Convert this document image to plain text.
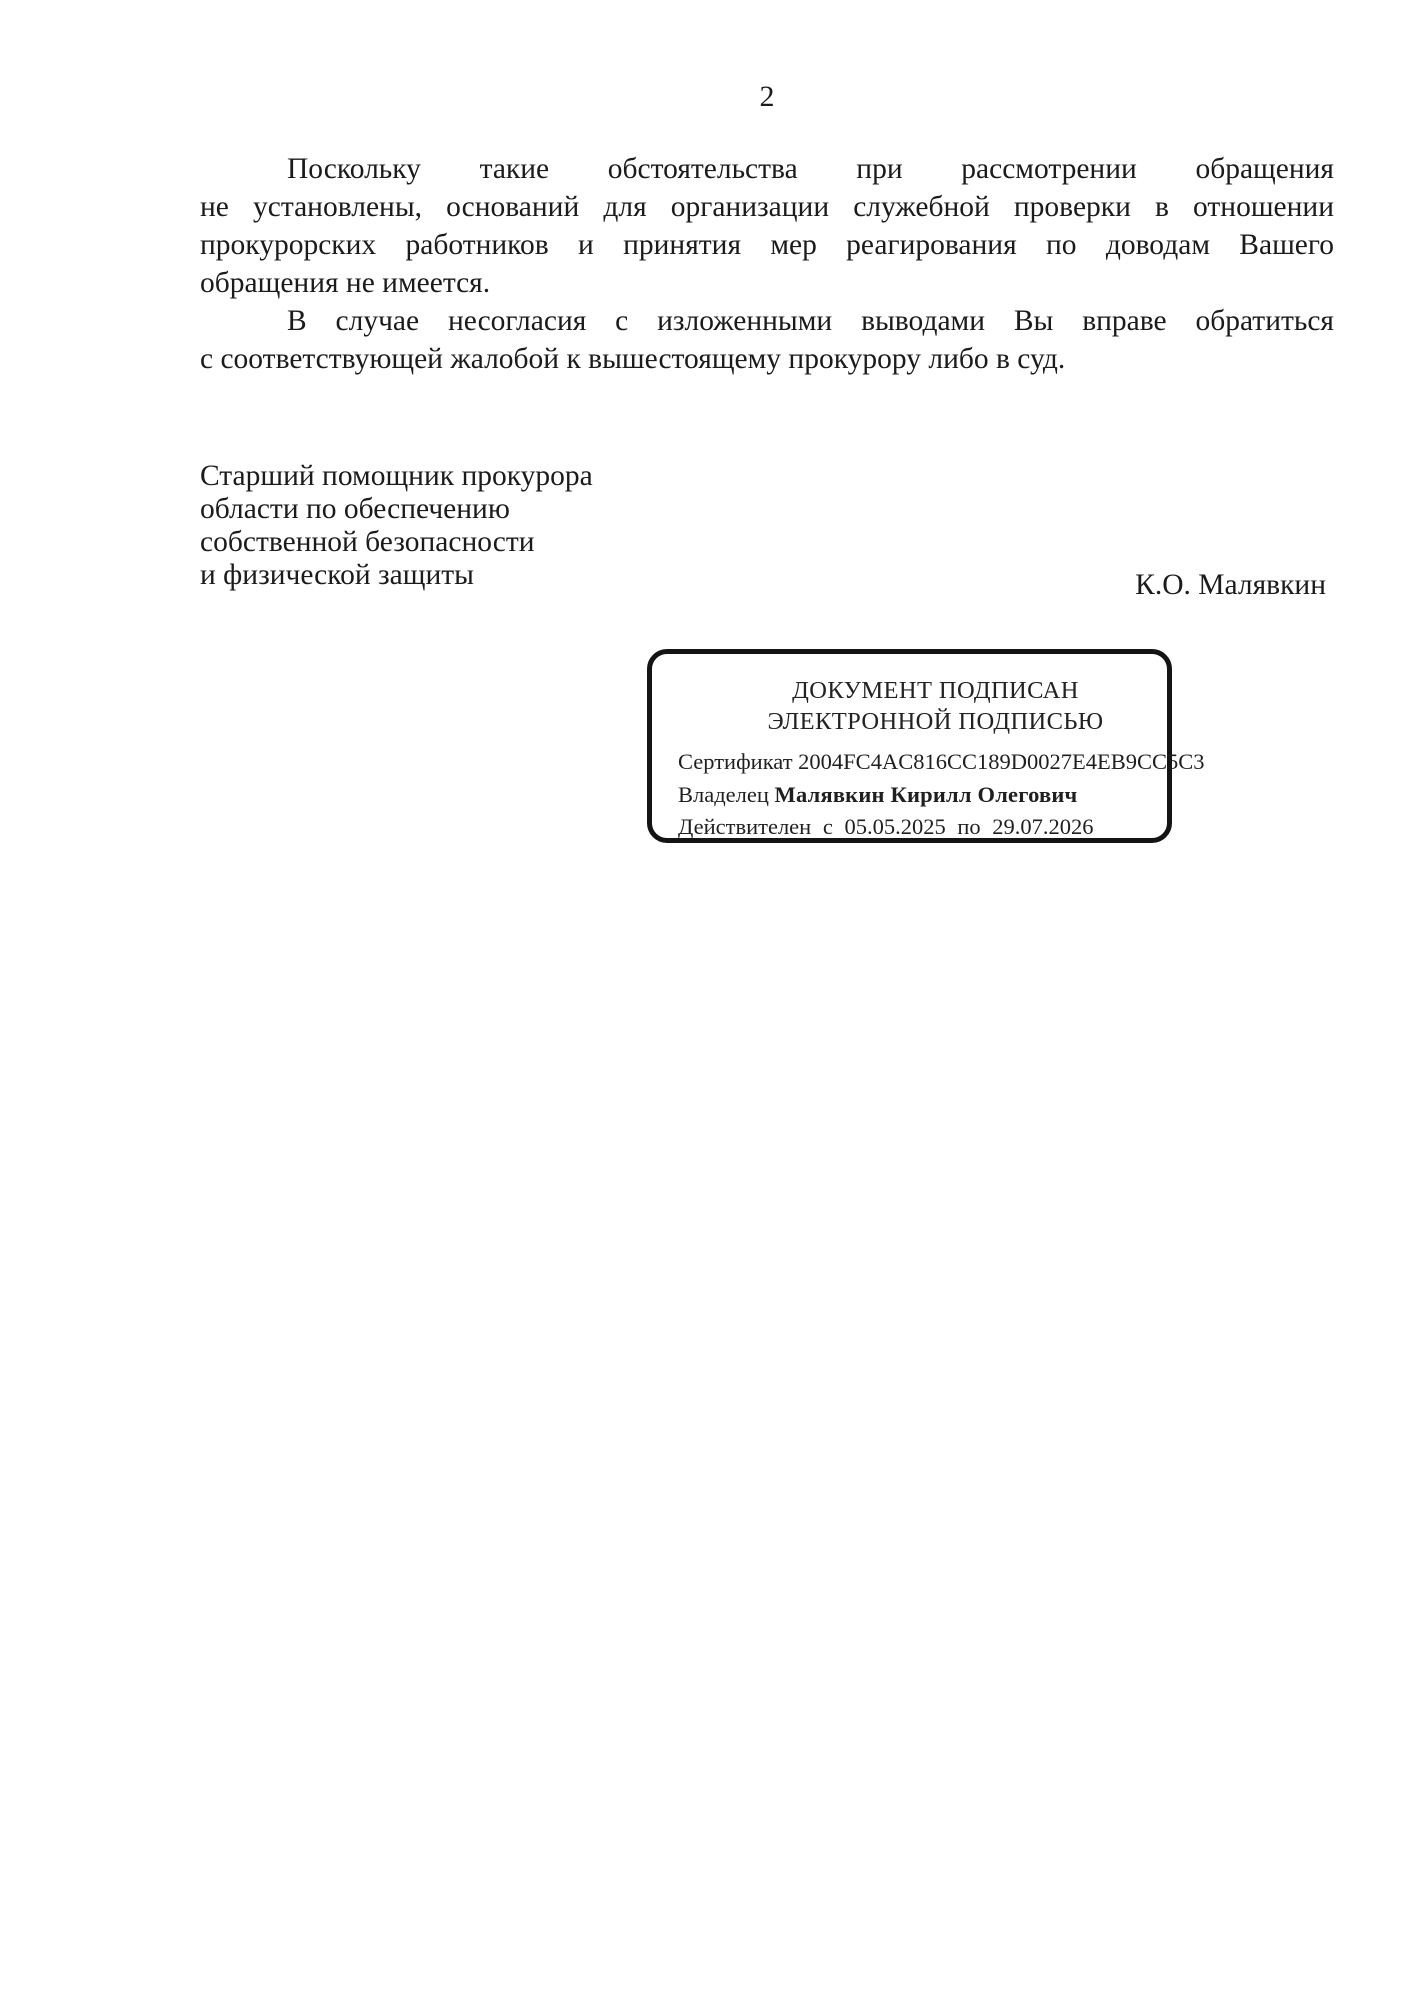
2

Поскольку такие обстоятельства при рассмотрении обращения

не установлены, оснований для организации служебной проверки в отношении

прокурорских работников и принятия мер реагирования по доводам Вашего

обращения не имеется.

В случае несогласия с изложенными выводами Вы вправе обратиться

с соответствующей жалобой к вышестоящему прокурору либо в суд.

Старший помощник прокурора

области по обеспечению

собственной безопасности

и физической защиты	К.О. Малявкин
ДОКУМЕНТ ПОДПИСАН
ЭЛЕКТРОННОЙ ПОДПИСЬЮ
Сертификат 2004FC4AC816CC189D0027E4EB9CC5C3
Владелец Малявкин Кирилл Олегович
Действителен с 05.05.2025 по 29.07.2026
